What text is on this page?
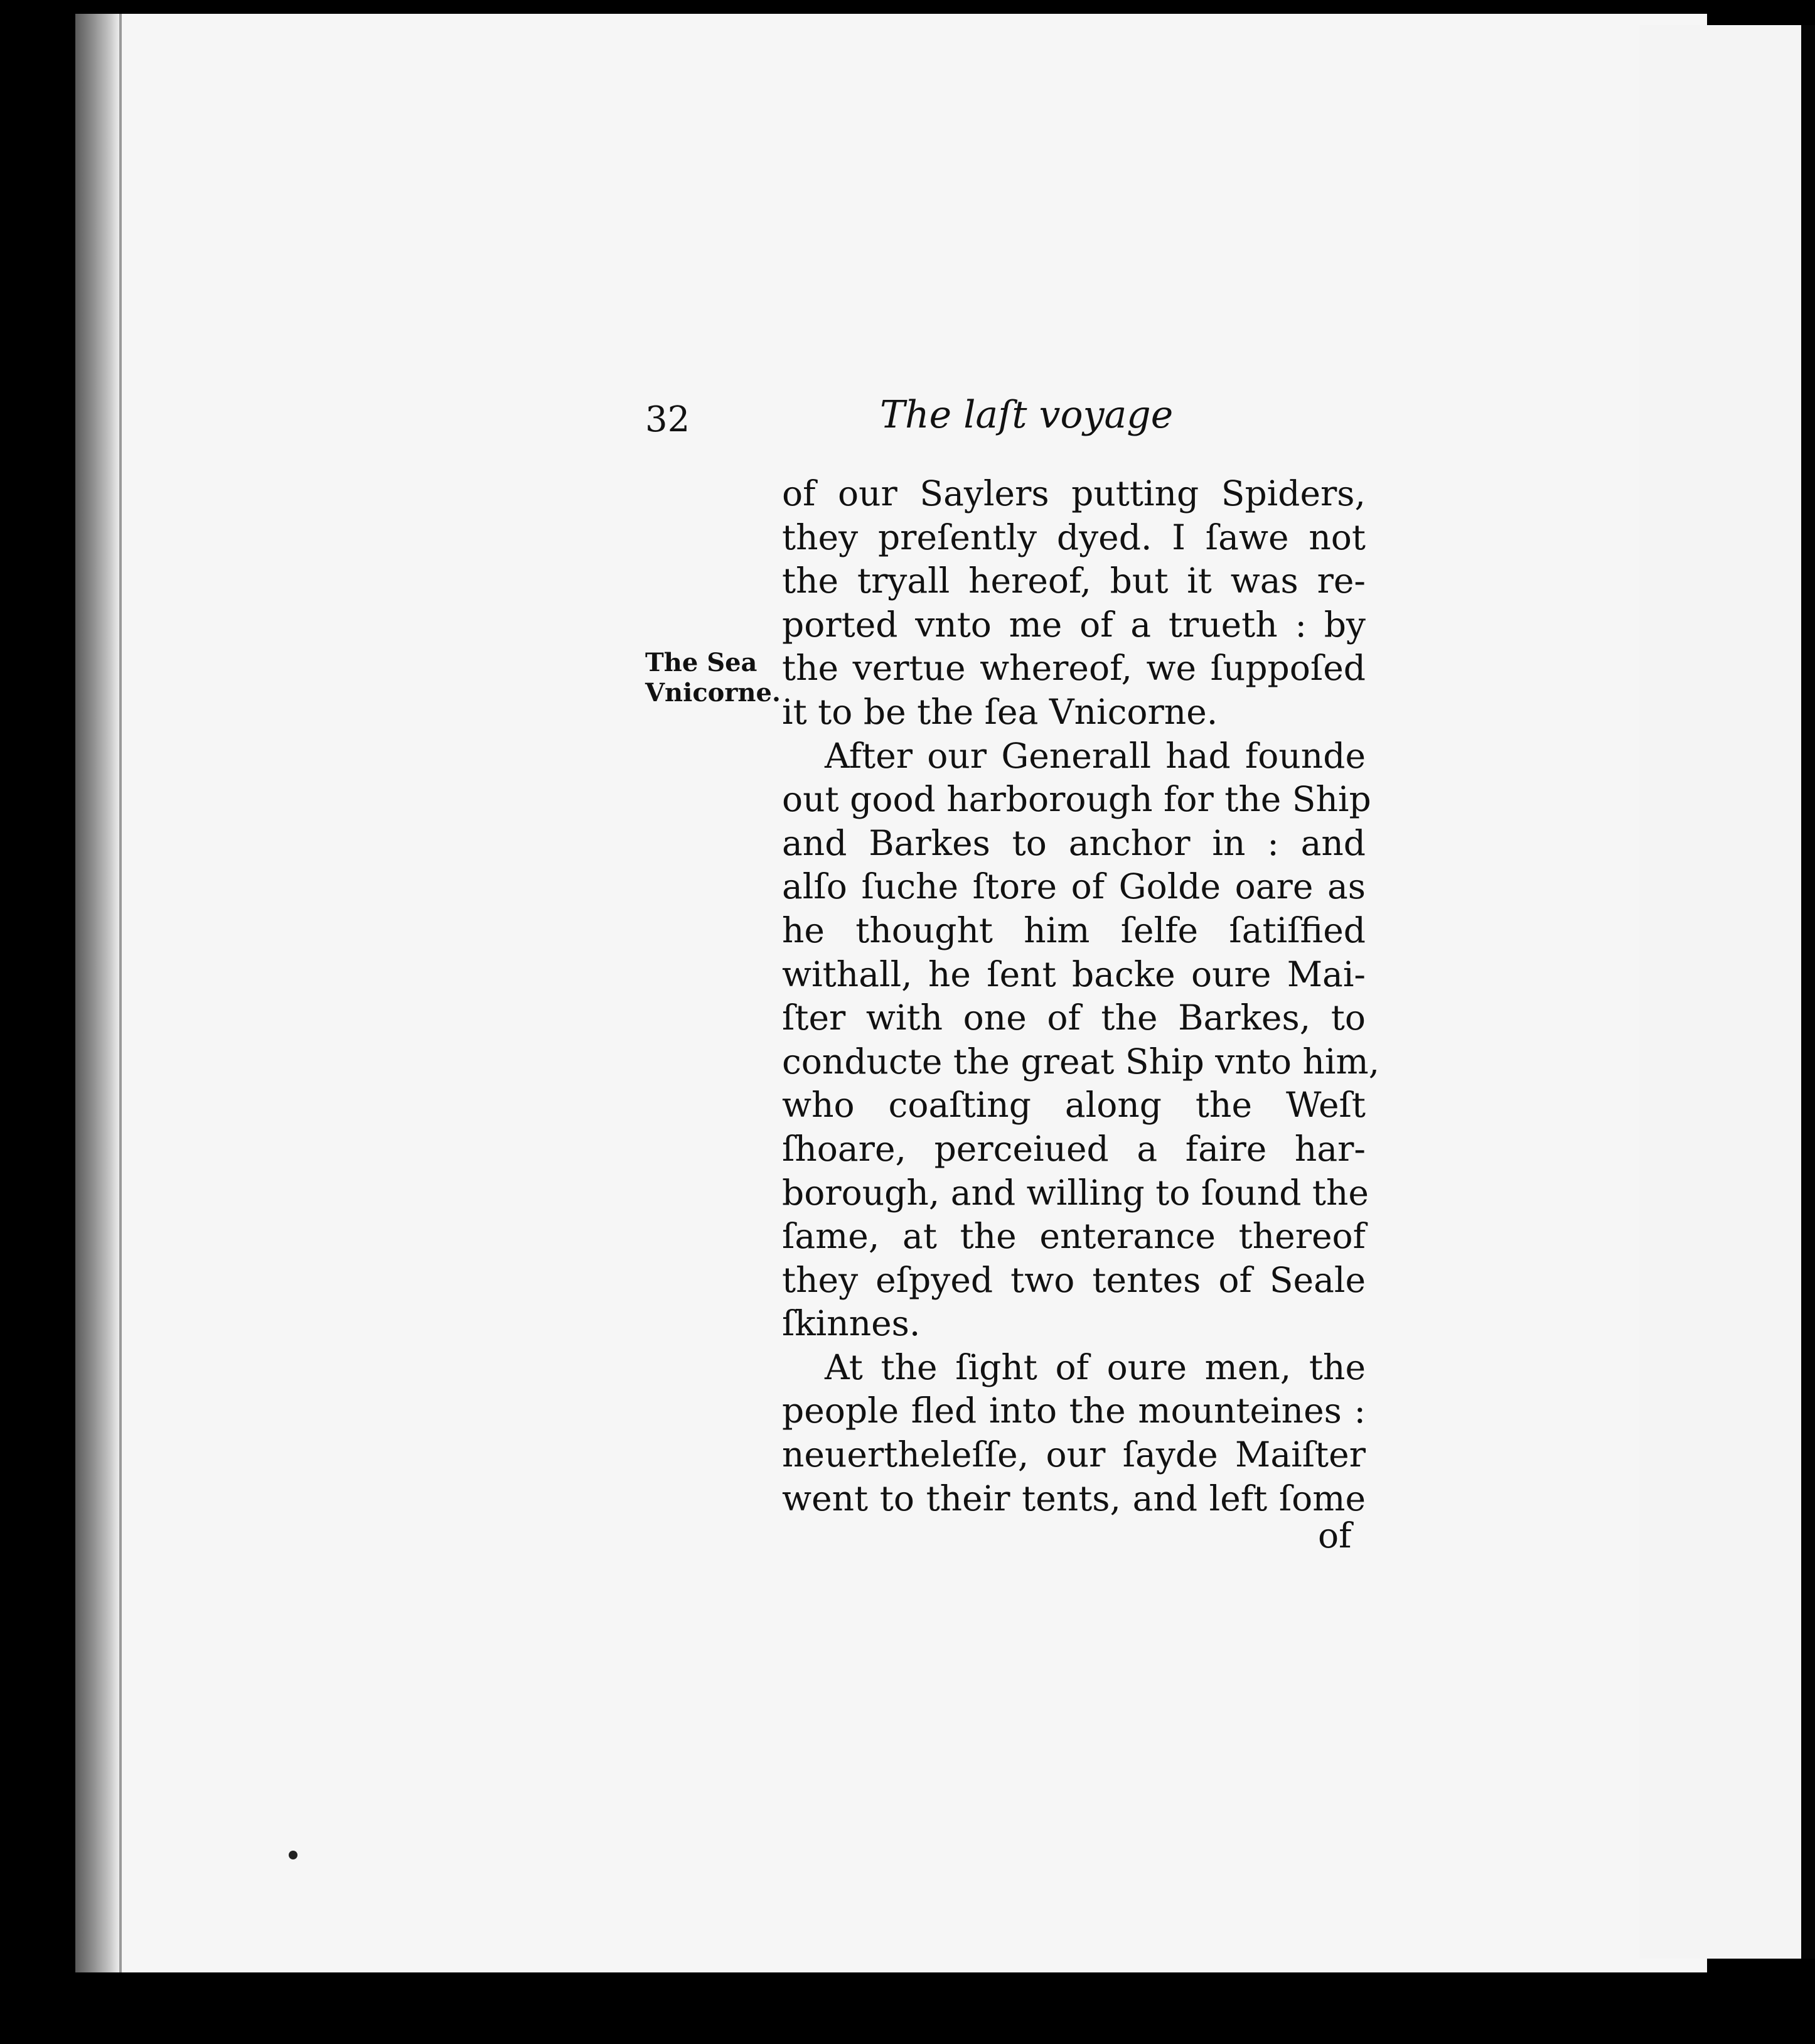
32	The laſt voyage
The Sea
Vnicorne.
of our Saylers putting Spiders,
they preſently dyed. I ſawe not
the tryall hereof, but it was re-
ported vnto me of a trueth : by
the vertue whereof, we ſuppoſed
it to be the ſea Vnicorne.
After our Generall had founde
out good harborough for the Ship
and Barkes to anchor in : and
alſo ſuche ſtore of Golde oare as
he thought him ſelfe ſatiſfied
withall, he ſent backe oure Mai-
ſter with one of the Barkes, to
conducte the great Ship vnto him,
who coaſting along the Weſt
ſhoare, perceiued a faire har-
borough, and willing to ſound the
ſame, at the enterance thereof
they eſpyed two tentes of Seale
ſkinnes.
At the ſight of oure men, the
people fled into the mounteines :
neuertheleſſe, our ſayde Maiſter
went to their tents, and left ſome
of
